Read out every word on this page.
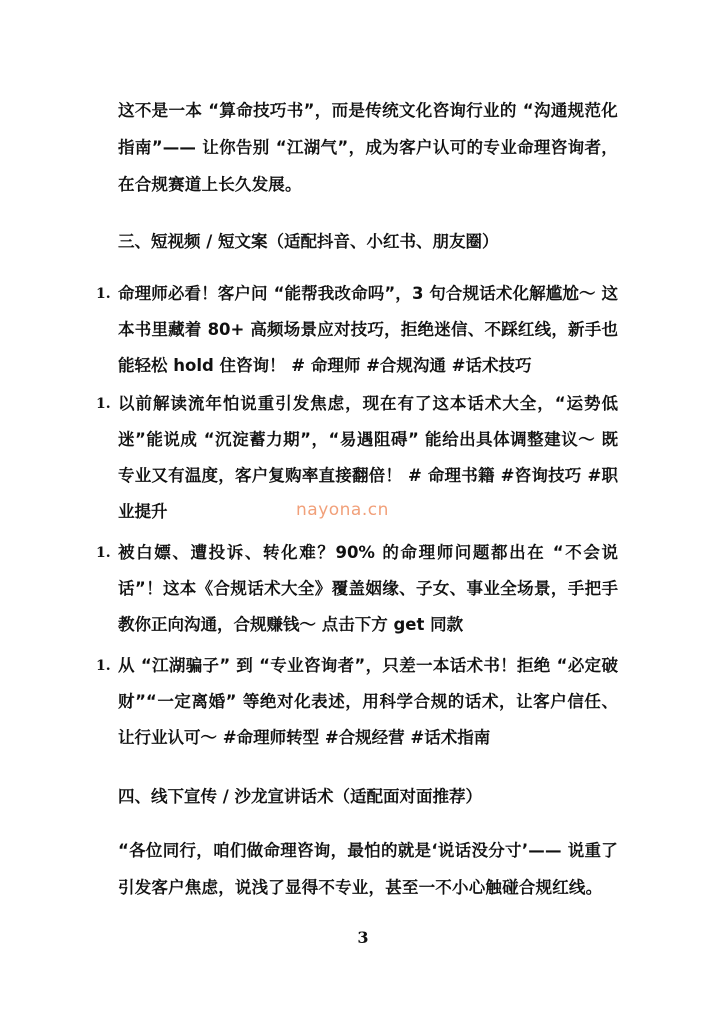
这不是一本 “算命技巧书”，而是传统文化咨询行业的 “沟通规范化指南”—— 让你告别 “江湖气”，成为客户认可的专业命理咨询者，在合规赛道上长久发展。
三、短视频 / 短文案（适配抖音、小红书、朋友圈）
1. 命理师必看！客户问 “能帮我改命吗”，3 句合规话术化解尴尬～ 这本书里藏着 80+ 高频场景应对技巧，拒绝迷信、不踩红线，新手也能轻松 hold 住咨询！ # 命理师 #合规沟通 #话术技巧
1. 以前解读流年怕说重引发焦虑，现在有了这本话术大全，“运势低迷”能说成 “沉淀蓄力期”，“易遇阻碍” 能给出具体调整建议～ 既专业又有温度，客户复购率直接翻倍！ # 命理书籍 #咨询技巧 #职业提升
1. 被白嫖、遭投诉、转化难？90% 的命理师问题都出在 “不会说话”！这本《合规话术大全》覆盖姻缘、子女、事业全场景，手把手教你正向沟通，合规赚钱～ 点击下方 get 同款
1. 从 “江湖骗子” 到 “专业咨询者”，只差一本话术书！拒绝 “必定破财”“一定离婚” 等绝对化表述，用科学合规的话术，让客户信任、让行业认可～ #命理师转型 #合规经营 #话术指南
四、线下宣传 / 沙龙宣讲话术（适配面对面推荐）
“各位同行，咱们做命理咨询，最怕的就是‘说话没分寸’—— 说重了引发客户焦虑，说浅了显得不专业，甚至一不小心触碰合规红线。
nayona.cn
3
